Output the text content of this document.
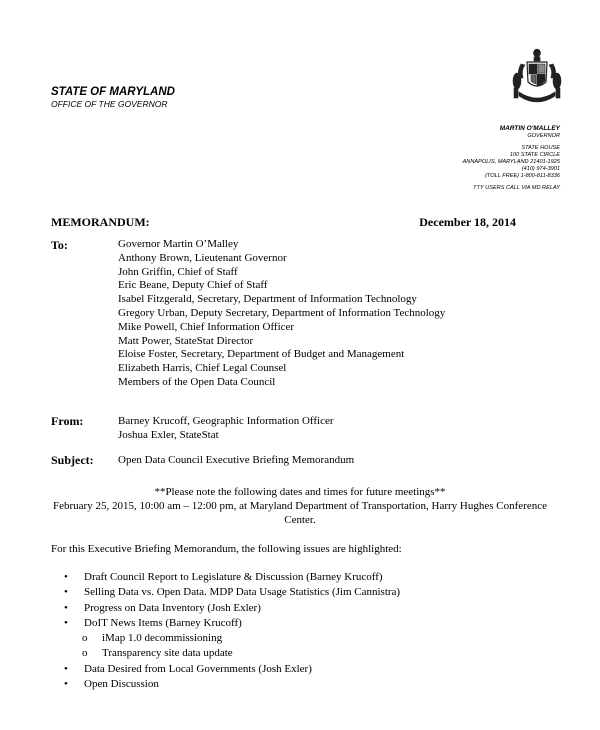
STATE OF MARYLAND
OFFICE OF THE GOVERNOR
MARTIN O'MALLEY
GOVERNOR
STATE HOUSE
100 STATE CIRCLE
ANNAPOLIS, MARYLAND 21401-1925
(410) 974-3901
(TOLL FREE) 1-800-811-8336
TTY USERS CALL VIA MD RELAY
MEMORANDUM:	December 18, 2014
To:	Governor Martin O’Malley
Anthony Brown, Lieutenant Governor
John Griffin, Chief of Staff
Eric Beane, Deputy Chief of Staff
Isabel Fitzgerald, Secretary, Department of Information Technology
Gregory Urban, Deputy Secretary, Department of Information Technology
Mike Powell, Chief Information Officer
Matt Power, StateStat Director
Eloise Foster, Secretary, Department of Budget and Management
Elizabeth Harris, Chief Legal Counsel
Members of the Open Data Council
From:	Barney Krucoff, Geographic Information Officer
Joshua Exler, StateStat
Subject: Open Data Council Executive Briefing Memorandum
**Please note the following dates and times for future meetings**
February 25, 2015, 10:00 am – 12:00 pm, at Maryland Department of Transportation, Harry Hughes Conference
Center.
For this Executive Briefing Memorandum, the following issues are highlighted:
•	Draft Council Report to Legislature & Discussion (Barney Krucoff)
•	Selling Data vs. Open Data. MDP Data Usage Statistics (Jim Cannistra)
•	Progress on Data Inventory (Josh Exler)
•	DoIT News Items (Barney Krucoff)
o	iMap 1.0 decommissioning
o	Transparency site data update
•	Data Desired from Local Governments (Josh Exler)
•	Open Discussion
